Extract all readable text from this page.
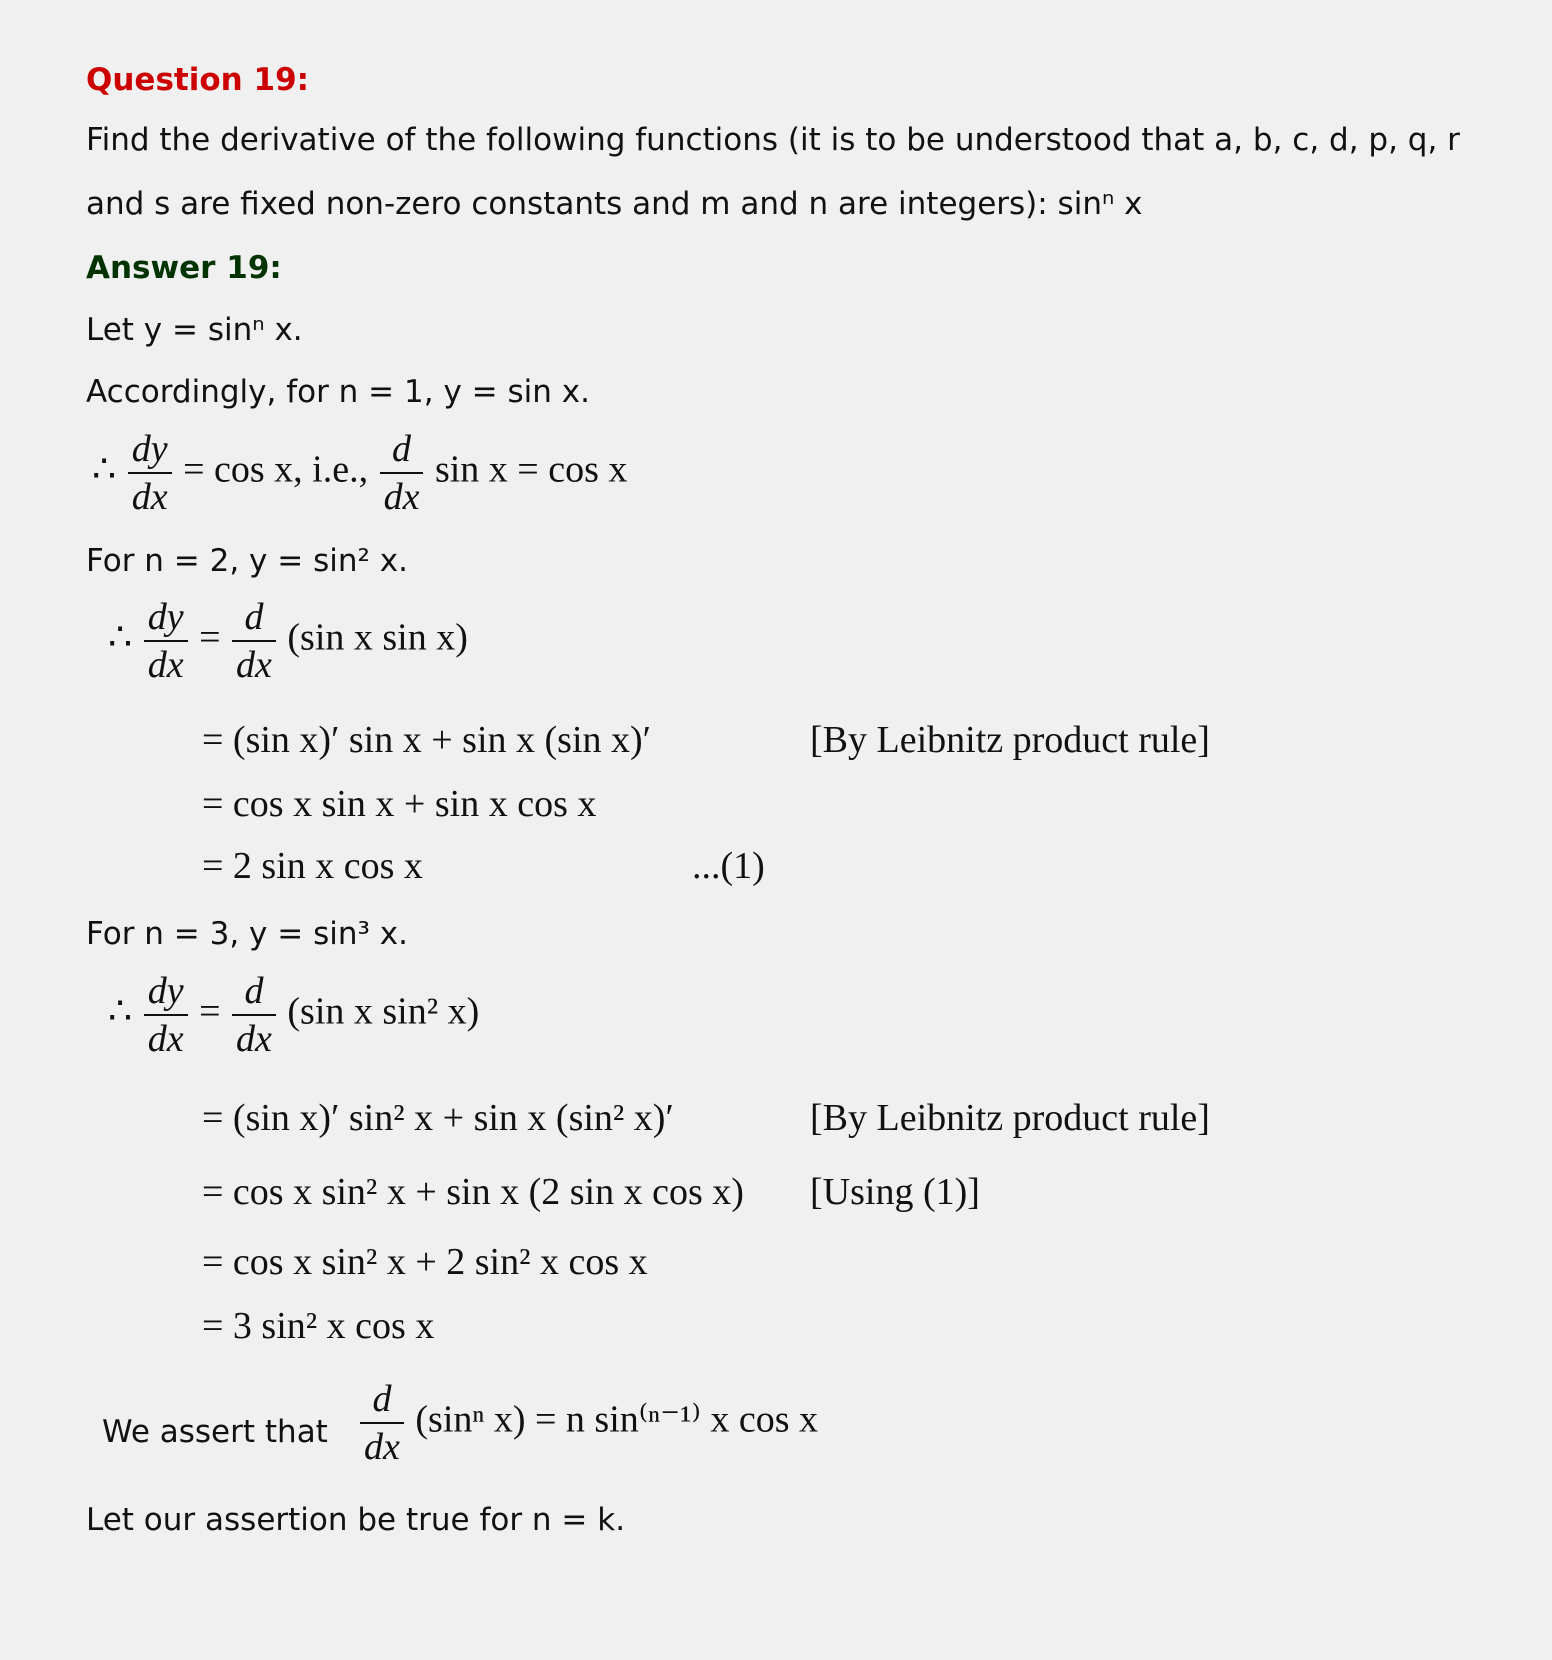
Question 19:
Find the derivative of the following functions (it is to be understood that a, b, c, d, p, q, r
and s are fixed non-zero constants and m and n are integers): sinⁿ x
Answer 19:
Let y = sinⁿ x.
Accordingly, for n = 1, y = sin x.
∴ $\frac{dy}{dx} = \cos x$, i.e., $\frac{d}{dx}$ sin x = cos x
For n = 2, y = sin² x.
∴ $\frac{dy}{dx} = \frac{d}{dx} (\sin$ x sin x)
= (sin x)′ sin x + sin x (sin x)′	[By Leibnitz product rule]
= cos x sin x + sin x cos x
= 2 sin x cos x	...(1)
For n = 3, y = sin³ x.
∴ $\frac{dy}{dx} = \frac{d}{dx} (\sin$ x sin² x)
= (sin x)′ sin² x + sin x (sin² x)′	[By Leibnitz product rule]
= cos x sin² x + sin x (2 sin x cos x) [Using (1)]
= cos x sin² x + 2 sin² x cos x
= 3 sin² x cos x
We assert that $\frac{d}{dx} (\sin^n$ x) = n sin⁽ⁿ⁻¹⁾ x cos x
Let our assertion be true for n = k.
